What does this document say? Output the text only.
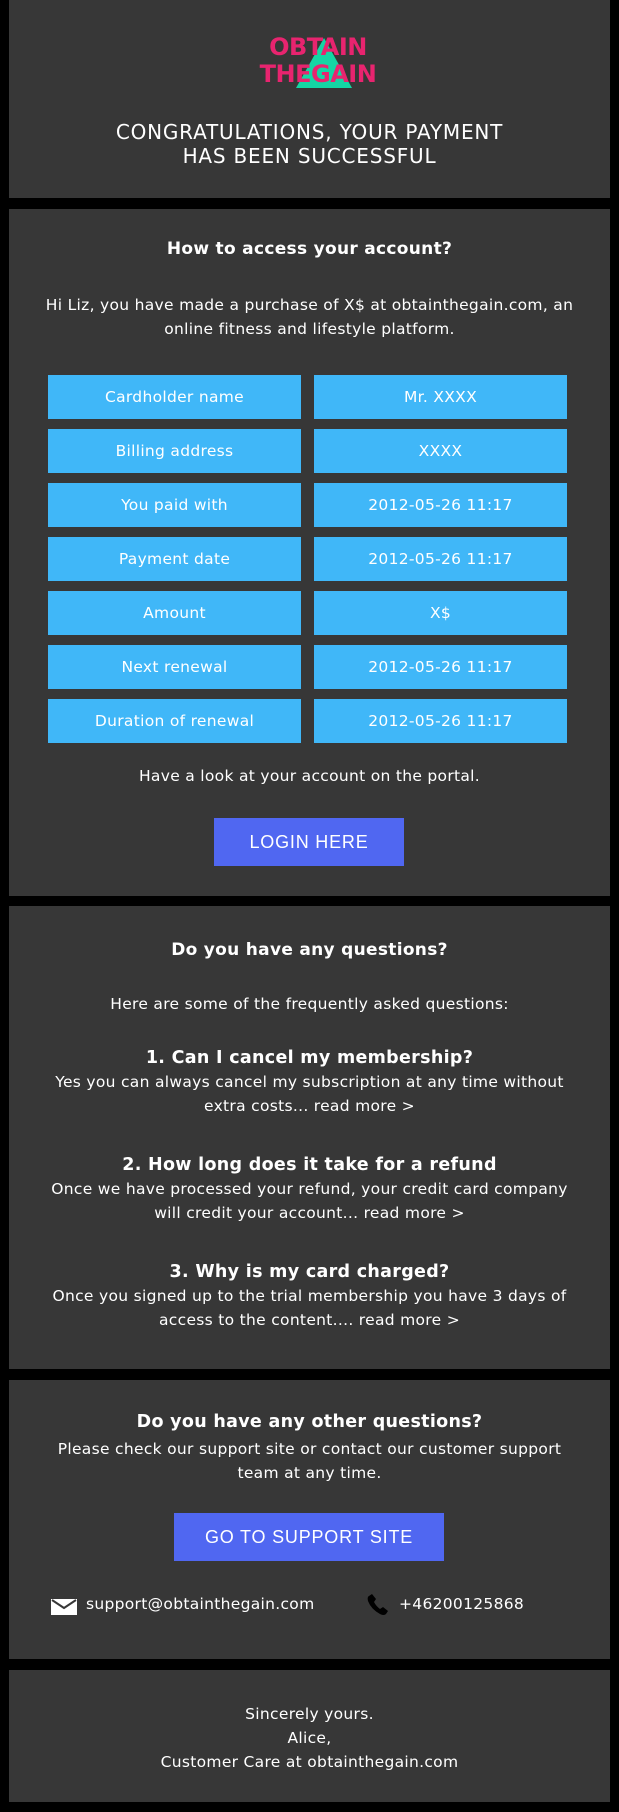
OBTAIN
THEGAIN
CONGRATULATIONS, YOUR PAYMENT
HAS BEEN SUCCESSFUL
How to access your account?
Hi Liz, you have made a purchase of X$ at obtainthegain.com, an
online fitness and lifestyle platform.
Cardholder name	Mr. XXXX
Billing address	XXXX
You paid with	2012-05-26 11:17
Payment date	2012-05-26 11:17
Amount	X$
Next renewal	2012-05-26 11:17
Duration of renewal	2012-05-26 11:17
Have a look at your account on the portal.
LOGIN HERE
Do you have any questions?
Here are some of the frequently asked questions:
1. Can I cancel my membership?
Yes you can always cancel my subscription at any time without
extra costs... read more >
2. How long does it take for a refund
Once we have processed your refund, your credit card company
will credit your account... read more >
3. Why is my card charged?
Once you signed up to the trial membership you have 3 days of
access to the content.... read more >
Do you have any other questions?
Please check our support site or contact our customer support
team at any time.
GO TO SUPPORT SITE
support@obtainthegain.com	+46200125868
Sincerely yours.
Alice,
Customer Care at obtainthegain.com
